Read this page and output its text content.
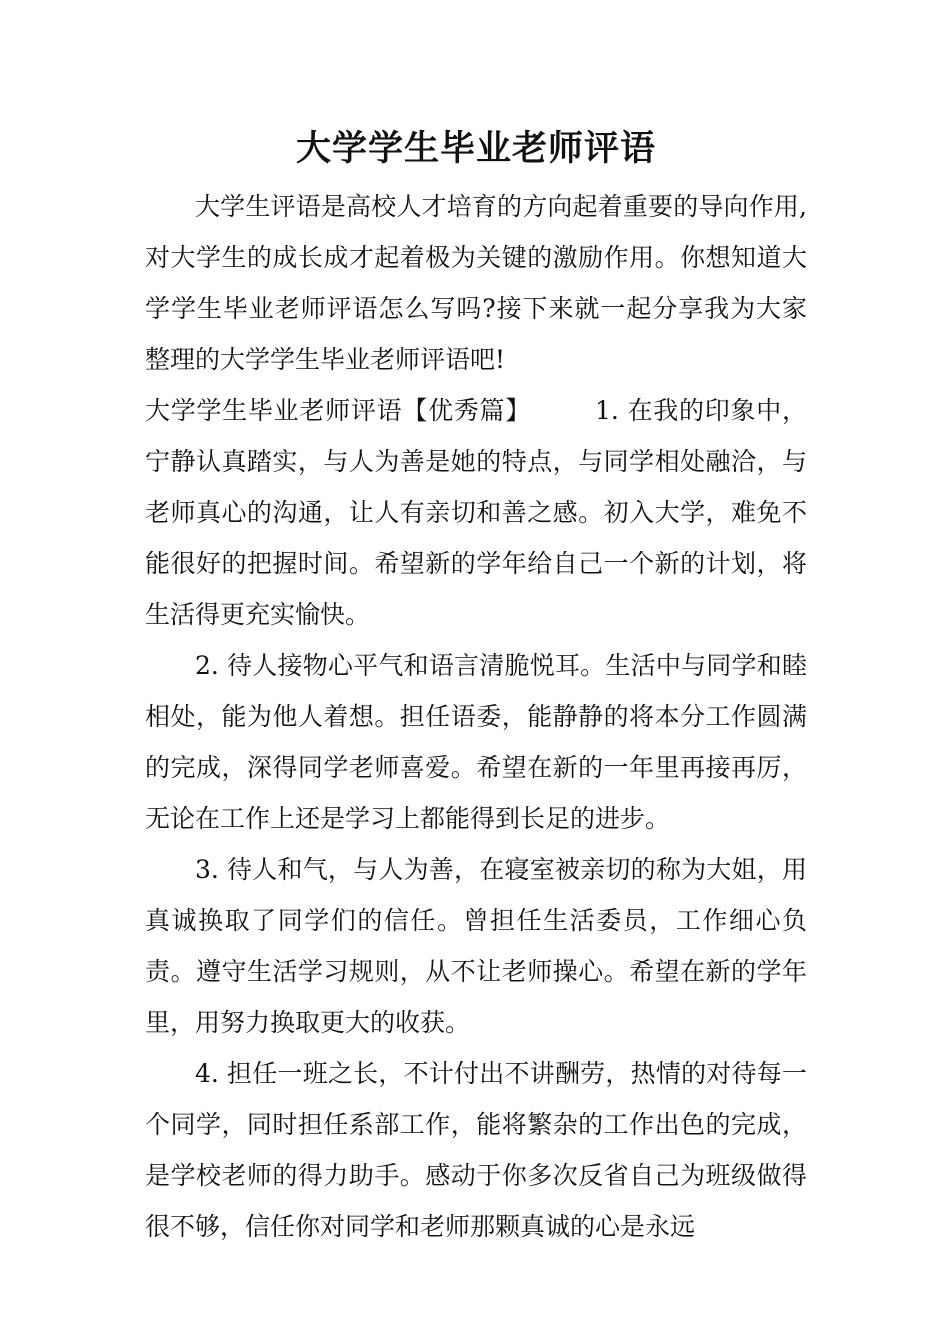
大学学生毕业老师评语

大学生评语是高校人才培育的方向起着重要的导向作用,对大学生的成长成才起着极为关键的激励作用。你想知道大学学生毕业老师评语怎么写吗?接下来就一起分享我为大家整理的大学学生毕业老师评语吧!

大学学生毕业老师评语【优秀篇】	1. 在我的印象中，宁静认真踏实，与人为善是她的特点，与同学相处融洽，与老师真心的沟通，让人有亲切和善之感。初入大学，难免不能很好的把握时间。希望新的学年给自己一个新的计划，将生活得更充实愉快。

2. 待人接物心平气和语言清脆悦耳。生活中与同学和睦相处，能为他人着想。担任语委，能静静的将本分工作圆满的完成，深得同学老师喜爱。希望在新的一年里再接再厉，无论在工作上还是学习上都能得到长足的进步。

3. 待人和气，与人为善，在寝室被亲切的称为大姐，用真诚换取了同学们的信任。曾担任生活委员，工作细心负责。遵守生活学习规则，从不让老师操心。希望在新的学年里，用努力换取更大的收获。

4. 担任一班之长，不计付出不讲酬劳，热情的对待每一个同学，同时担任系部工作，能将繁杂的工作出色的完成，是学校老师的得力助手。感动于你多次反省自己为班级做得很不够，信任你对同学和老师那颗真诚的心是永远
